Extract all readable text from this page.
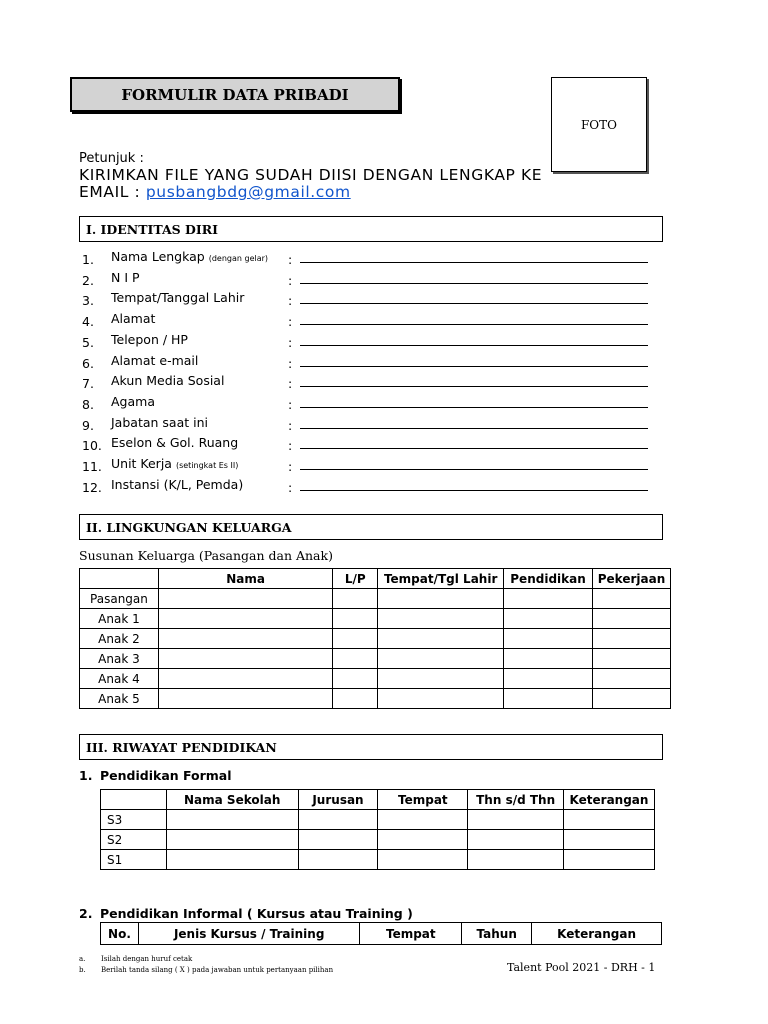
FORMULIR DATA PRIBADI
FOTO
Petunjuk :
KIRIMKAN FILE YANG SUDAH DIISI DENGAN LENGKAP KE
EMAIL : pusbangbdg@gmail.com
I. IDENTITAS DIRI
1. Nama Lengkap (dengan gelar) :
2. N I P	:
3. Tempat/Tanggal Lahir	:
4. Alamat	:
5. Telepon / HP	:
6. Alamat e-mail	:
7. Akun Media Sosial	:
8. Agama	:
9. Jabatan saat ini	:
10. Eselon & Gol. Ruang	:
11. Unit Kerja (setingkat Es II)	:
12. Instansi (K/L, Pemda)	:
II. LINGKUNGAN KELUARGA
Susunan Keluarga (Pasangan dan Anak)
	Nama	L/P	Tempat/Tgl Lahir	Pendidikan	Pekerjaan
Pasangan					
Anak 1					
Anak 2					
Anak 3					
Anak 4					
Anak 5					
III. RIWAYAT PENDIDIKAN
1. Pendidikan Formal
	Nama Sekolah	Jurusan	Tempat	Thn s/d Thn	Keterangan
S3					
S2					
S1					
2. Pendidikan Informal ( Kursus atau Training )
No.	Jenis Kursus / Training	Tempat	Tahun	Keterangan
a. Isilah dengan huruf cetak
b. Berilah tanda silang ( X ) pada jawaban untuk pertanyaan pilihan	Talent Pool 2021 - DRH - 1
